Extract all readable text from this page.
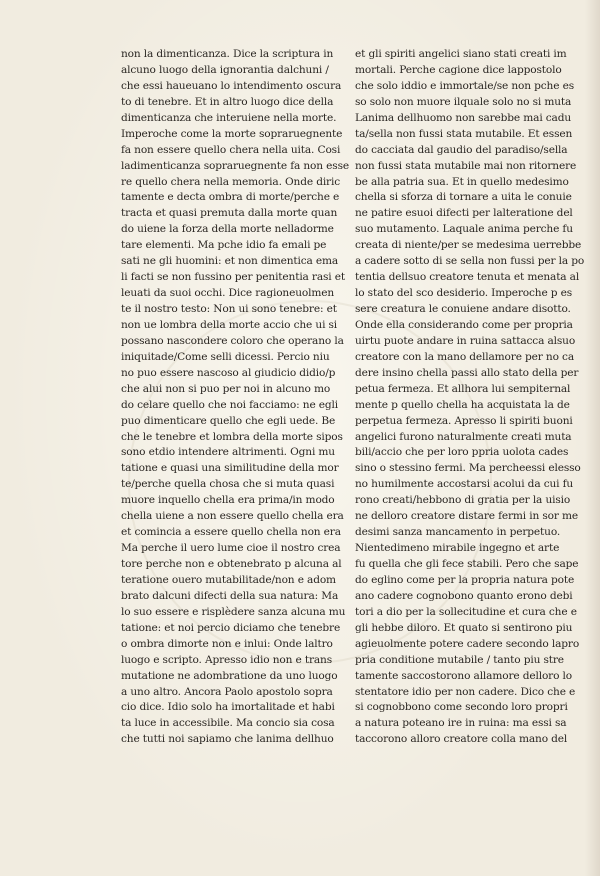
non la dimenticanza. Dice la scriptura in
alcuno luogo della ignorantia dalchuni /
che essi haueuano lo intendimento oscura
to di tenebre. Et in altro luogo dice della
dimenticanza che interuiene nella morte.
Imperoche come la morte sopraruegnente
fa non essere quello chera nella uita. Cosi
ladimenticanza sopraruegnente fa non esse
re quello chera nella memoria. Onde diric
tamente e decta ombra di morte/perche e
tracta et quasi premuta dalla morte quan
do uiene la forza della morte nelladorme
tare elementi. Ma pche idio fa emali pe
sati ne gli huomini: et non dimentica ema
li facti se non fussino per penitentia rasi et
leuati da suoi occhi. Dice ragioneuolmen
te il nostro testo: Non ui sono tenebre: et
non ue lombra della morte accio che ui si
possano nascondere coloro che operano la
iniquitade/Come selli dicessi. Percio niu
no puo essere nascoso al giudicio didio/p
che alui non si puo per noi in alcuno mo
do celare quello che noi facciamo: ne egli
puo dimenticare quello che egli uede. Be
che le tenebre et lombra della morte sipos
sono etdio intendere altrimenti. Ogni mu
tatione e quasi una similitudine della mor
te/perche quella chosa che si muta quasi
muore inquello chella era prima/in modo
chella uiene a non essere quello chella era
et comincia a essere quello chella non era
Ma perche il uero lume cioe il nostro crea
tore perche non e obtenebrato p alcuna al
teratione ouero mutabilitade/non e adom
brato dalcuni difecti della sua natura: Ma
lo suo essere e risplèdere sanza alcuna mu
tatione: et noi percio diciamo che tenebre
o ombra dimorte non e inlui: Onde laltro
luogo e scripto. Apresso idio non e trans
mutatione ne adombratione da uno luogo
a uno altro. Ancora Paolo apostolo sopra
cio dice. Idio solo ha imortalitade et habi
ta luce in accessibile. Ma concio sia cosa
che tutti noi sapiamo che lanima dellhuo
et gli spiriti angelici siano stati creati im
mortali. Perche cagione dice lappostolo
che solo iddio e immortale/se non pche es
so solo non muore ilquale solo no si muta
Lanima dellhuomo non sarebbe mai cadu
ta/sella non fussi stata mutabile. Et essen
do cacciata dal gaudio del paradiso/sella
non fussi stata mutabile mai non ritornere
be alla patria sua. Et in quello medesimo
chella si sforza di tornare a uita le conuie
ne patire esuoi difecti per lalteratione del
suo mutamento. Laquale anima perche fu
creata di niente/per se medesima uerrebbe
a cadere sotto di se sella non fussi per la po
tentia dellsuo creatore tenuta et menata al
lo stato del sco desiderio. Imperoche p es
sere creatura le conuiene andare disotto.
Onde ella considerando come per propria
uirtu puote andare in ruina sattacca alsuo
creatore con la mano dellamore per no ca
dere insino chella passi allo stato della per
petua fermeza. Et allhora lui sempiternal
mente p quello chella ha acquistata la de
perpetua fermeza. Apresso li spiriti buoni
angelici furono naturalmente creati muta
bili/accio che per loro ppria uolota cades
sino o stessino fermi. Ma percheessi elesso
no humilmente accostarsi acolui da cui fu
rono creati/hebbono di gratia per la uisio
ne delloro creatore distare fermi in sor me
desimi sanza mancamento in perpetuo.
Nientedimeno mirabile ingegno et arte
fu quella che gli fece stabili. Pero che sape
do eglino come per la propria natura pote
ano cadere cognobono quanto erono debi
tori a dio per la sollecitudine et cura che e
gli hebbe diloro. Et quato si sentirono piu
agieuolmente potere cadere secondo lapro
pria conditione mutabile / tanto piu stre
tamente saccostorono allamore delloro lo
stentatore idio per non cadere. Dico che e
si cognobbono come secondo loro propri
a natura poteano ire in ruina: ma essi sa
taccorono alloro creatore colla mano del
